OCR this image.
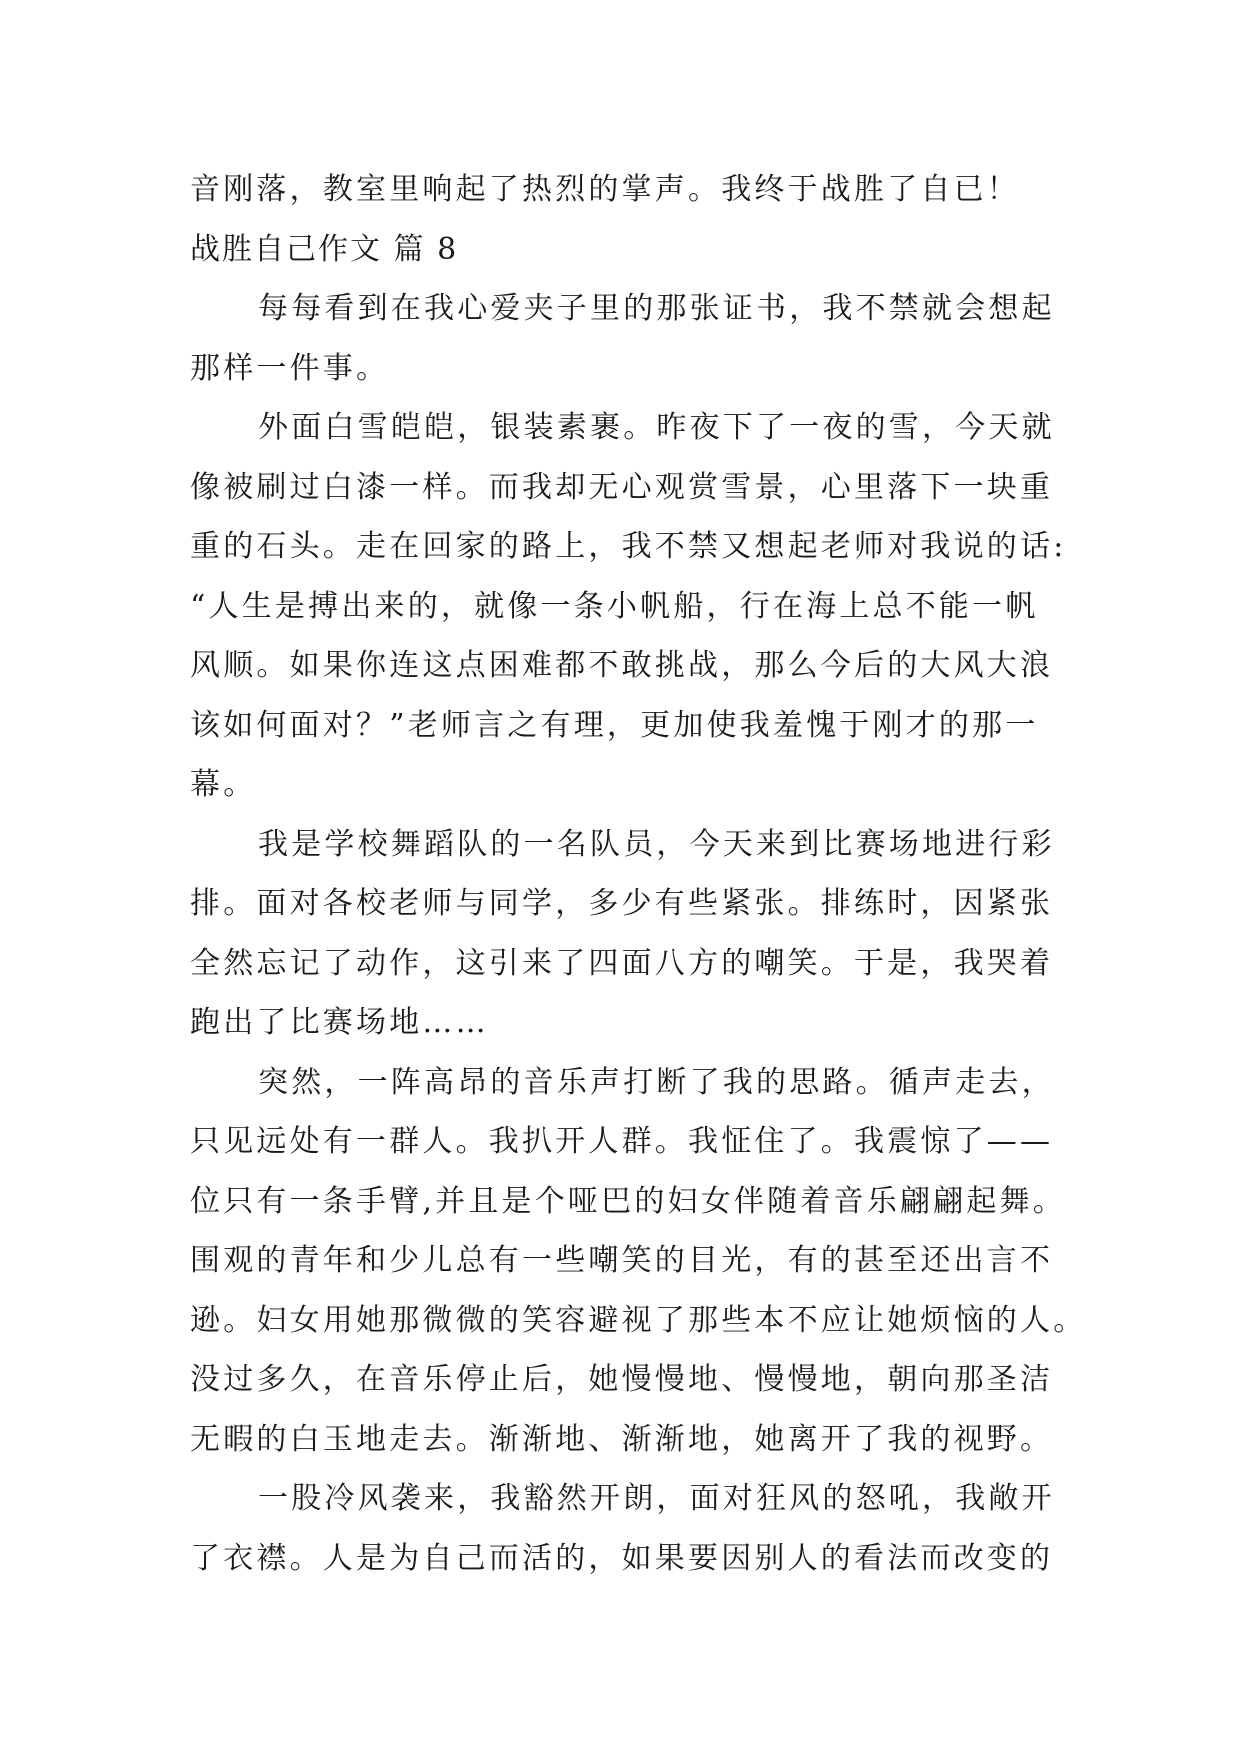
音刚落，教室里响起了热烈的掌声。我终于战胜了自已！
战胜自己作文 篇 8
每每看到在我心爱夹子里的那张证书，我不禁就会想起
那样一件事。
外面白雪皑皑，银装素裹。昨夜下了一夜的雪，今天就
像被刷过白漆一样。而我却无心观赏雪景，心里落下一块重
重的石头。走在回家的路上，我不禁又想起老师对我说的话:
“人生是搏出来的，就像一条小帆船，行在海上总不能一帆
风顺。如果你连这点困难都不敢挑战，那么今后的大风大浪
该如何面对？”老师言之有理，更加使我羞愧于刚才的那一
幕。
我是学校舞蹈队的一名队员，今天来到比赛场地进行彩
排。面对各校老师与同学，多少有些紧张。排练时，因紧张
全然忘记了动作，这引来了四面八方的嘲笑。于是，我哭着
跑出了比赛场地……
突然，一阵高昂的音乐声打断了我的思路。循声走去，
只见远处有一群人。我扒开人群。我怔住了。我震惊了——
位只有一条手臂,并且是个哑巴的妇女伴随着音乐翩翩起舞。
围观的青年和少儿总有一些嘲笑的目光，有的甚至还出言不
逊。妇女用她那微微的笑容避视了那些本不应让她烦恼的人。
没过多久，在音乐停止后，她慢慢地、慢慢地，朝向那圣洁
无暇的白玉地走去。渐渐地、渐渐地，她离开了我的视野。
一股冷风袭来，我豁然开朗，面对狂风的怒吼，我敞开
了衣襟。人是为自己而活的，如果要因别人的看法而改变的
